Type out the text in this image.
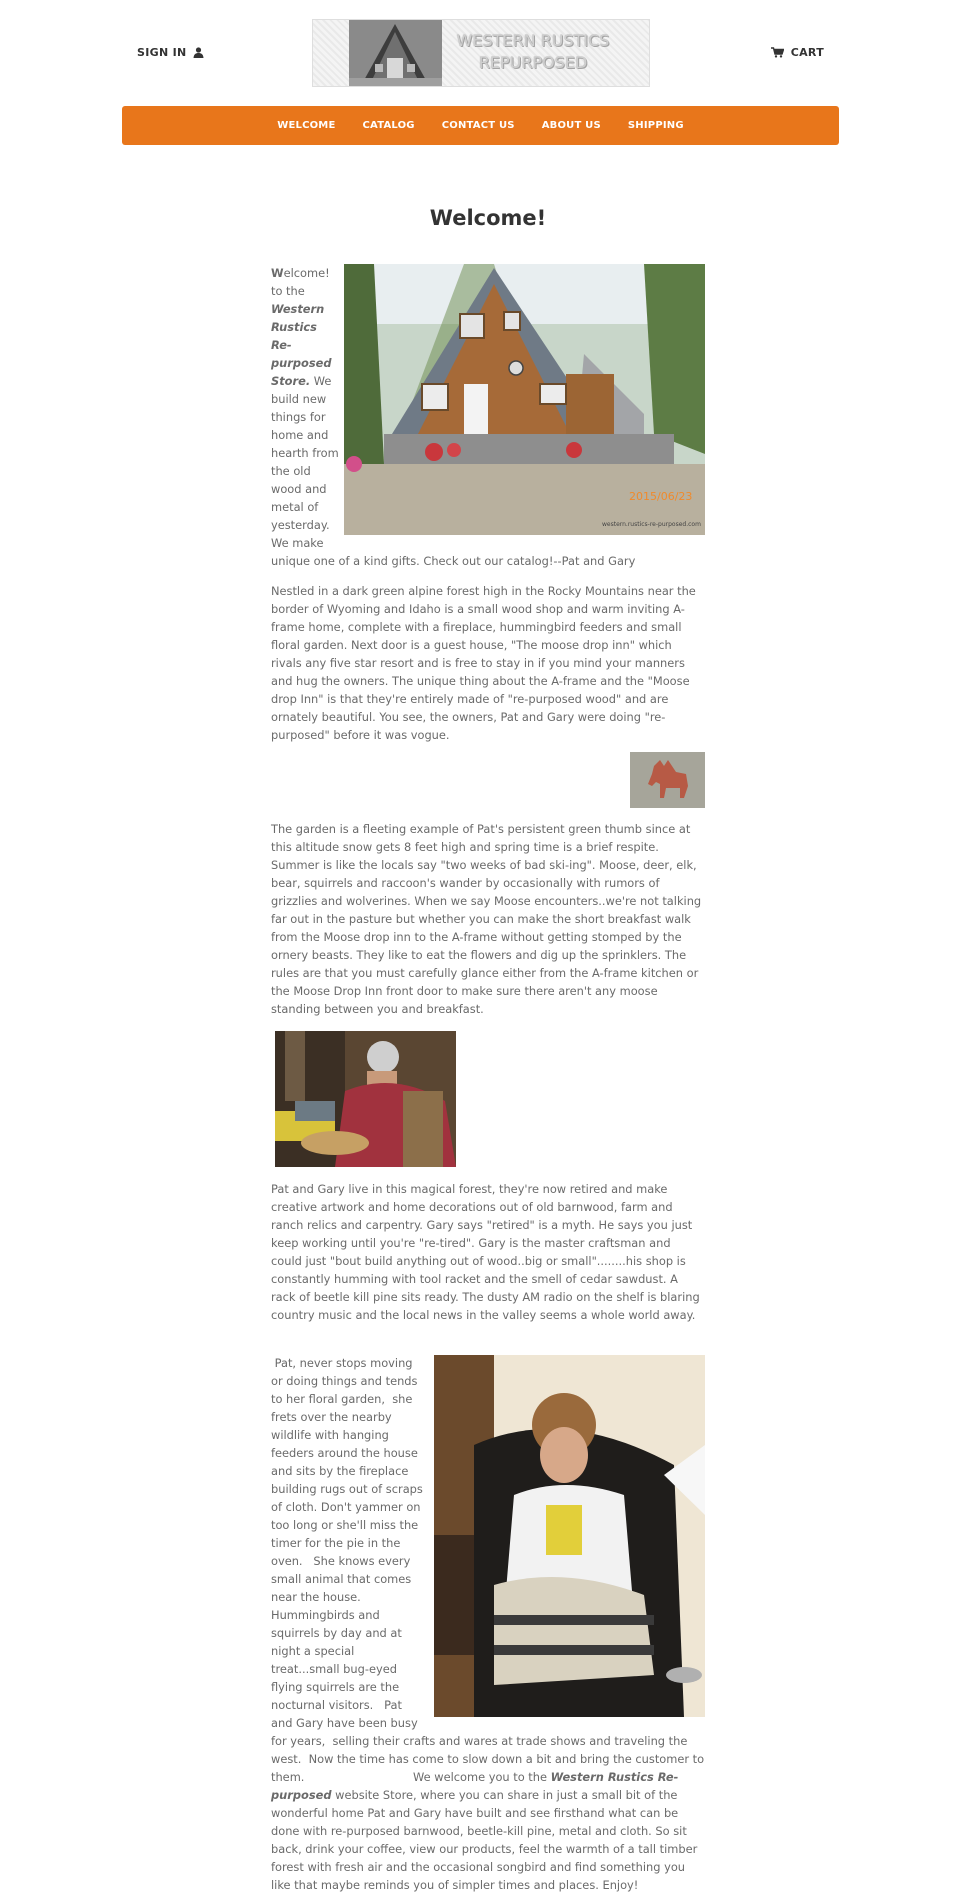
SIGN IN
WESTERN RUSTICS
REPURPOSED
CART
WELCOME	CATALOG	CONTACT US	ABOUT US	SHIPPING
Welcome!
2015/06/23
western.rustics-re-purposed.com

Welcome! to the Western Rustics Re-purposed Store. We build new things for home and hearth from the old wood and metal of yesterday. We make unique one of a kind gifts. Check out our catalog!--Pat and Gary

Nestled in a dark green alpine forest high in the Rocky Mountains near the border of Wyoming and Idaho is a small wood shop and warm inviting A-frame home, complete with a fireplace, hummingbird feeders and small floral garden. Next door is a guest house, "The moose drop inn" which rivals any five star resort and is free to stay in if you mind your manners and hug the owners. The unique thing about the A-frame and the "Moose drop Inn" is that they're entirely made of "re-purposed wood" and are ornately beautiful. You see, the owners, Pat and Gary were doing "re-purposed" before it was vogue.

The garden is a fleeting example of Pat's persistent green thumb since at this altitude snow gets 8 feet high and spring time is a brief respite. Summer is like the locals say "two weeks of bad ski-ing". Moose, deer, elk, bear, squirrels and raccoon's wander by occasionally with rumors of grizzlies and wolverines. When we say Moose encounters..we're not talking far out in the pasture but whether you can make the short breakfast walk from the Moose drop inn to the A-frame without getting stomped by the ornery beasts. They like to eat the flowers and dig up the sprinklers. The rules are that you must carefully glance either from the A-frame kitchen or the Moose Drop Inn front door to make sure there aren't any moose standing between you and breakfast.

Pat and Gary live in this magical forest, they're now retired and make creative artwork and home decorations out of old barnwood, farm and ranch relics and carpentry. Gary says "retired" is a myth. He says you just keep working until you're "re-tired". Gary is the master craftsman and could just "bout build anything out of wood..big or small"........his shop is constantly humming with tool racket and the smell of cedar sawdust. A rack of beetle kill pine sits ready. The dusty AM radio on the shelf is blaring country music and the local news in the valley seems a whole world away.

Pat, never stops moving or doing things and tends to her floral garden,  she frets over the nearby wildlife with hanging feeders around the house and sits by the fireplace building rugs out of scraps of cloth. Don't yammer on too long or she'll miss the timer for the pie in the oven.   She knows every small animal that comes near the house.  Hummingbirds and squirrels by day and at night a special treat...small bug-eyed flying squirrels are the nocturnal visitors.   Pat and Gary have been busy for years,  selling their crafts and wares at trade shows and traveling the west.  Now the time has come to slow down a bit and bring the customer to them.                              We welcome you to the Western Rustics Re-purposed website Store, where you can share in just a small bit of the wonderful home Pat and Gary have built and see firsthand what can be done with re-purposed barnwood, beetle-kill pine, metal and cloth. So sit back, drink your coffee, view our products, feel the warmth of a tall timber forest with fresh air and the occasional songbird and find something you like that maybe reminds you of simpler times and places. Enjoy!
